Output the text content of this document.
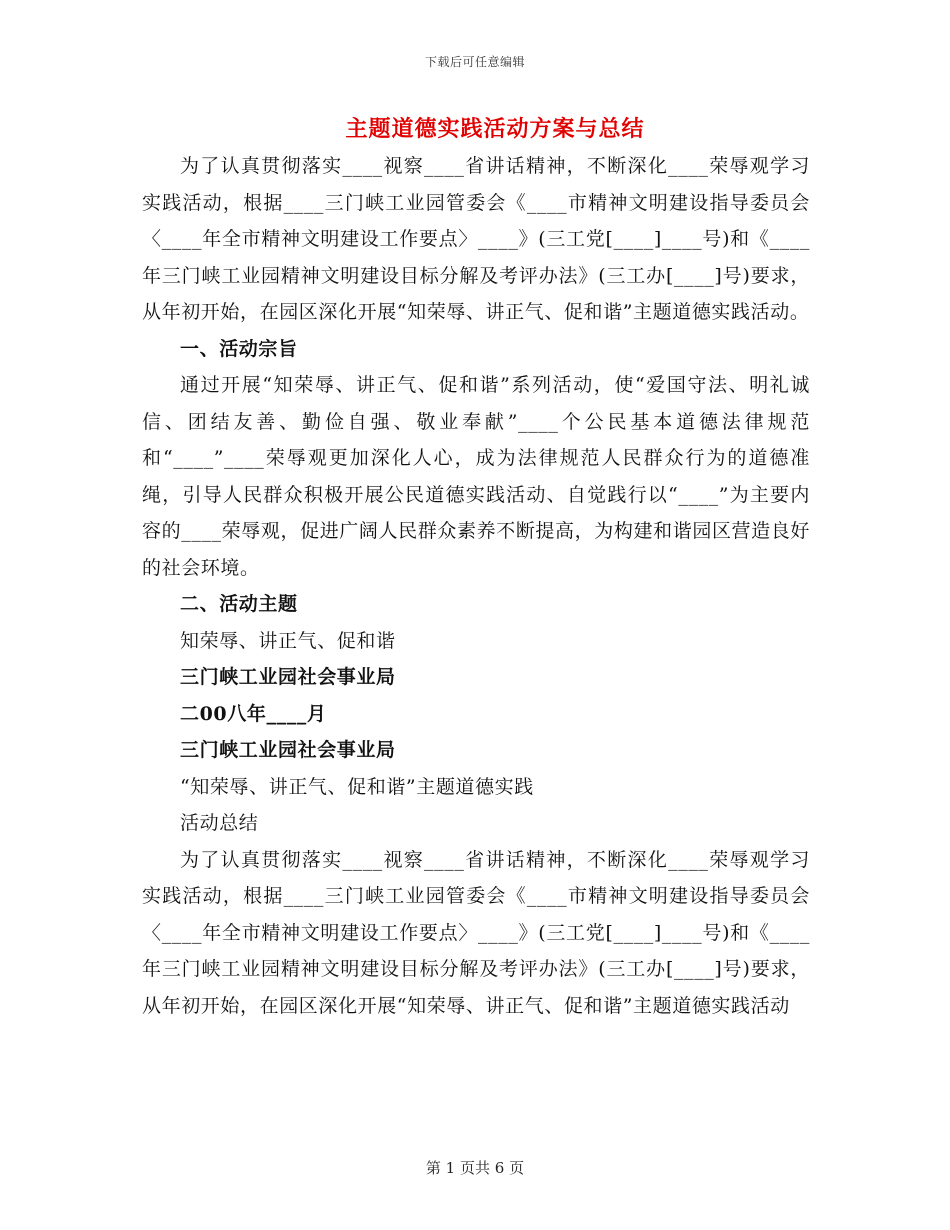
下载后可任意编辑
主题道德实践活动方案与总结

为了认真贯彻落实____视察____省讲话精神，不断深化____荣辱观学习实践活动，根据____三门峡工业园管委会《____市精神文明建设指导委员会〈____年全市精神文明建设工作要点〉____》(三工党[____]____号)和《____年三门峡工业园精神文明建设目标分解及考评办法》(三工办[____]号)要求，从年初开始，在园区深化开展“知荣辱、讲正气、促和谐”主题道德实践活动。

一、活动宗旨

通过开展“知荣辱、讲正气、促和谐”系列活动，使“爱国守法、明礼诚信、团结友善、勤俭自强、敬业奉献”____个公民基本道德法律规范和“____”____荣辱观更加深化人心，成为法律规范人民群众行为的道德准绳，引导人民群众积极开展公民道德实践活动、自觉践行以“____”为主要内容的____荣辱观，促进广阔人民群众素养不断提高，为构建和谐园区营造良好的社会环境。

二、活动主题

知荣辱、讲正气、促和谐

三门峡工业园社会事业局

二00八年____月

三门峡工业园社会事业局

“知荣辱、讲正气、促和谐”主题道德实践

活动总结

为了认真贯彻落实____视察____省讲话精神，不断深化____荣辱观学习实践活动，根据____三门峡工业园管委会《____市精神文明建设指导委员会〈____年全市精神文明建设工作要点〉____》(三工党[____]____号)和《____年三门峡工业园精神文明建设目标分解及考评办法》(三工办[____]号)要求，从年初开始，在园区深化开展“知荣辱、讲正气、促和谐”主题道德实践活动

第 1 页共 6 页
